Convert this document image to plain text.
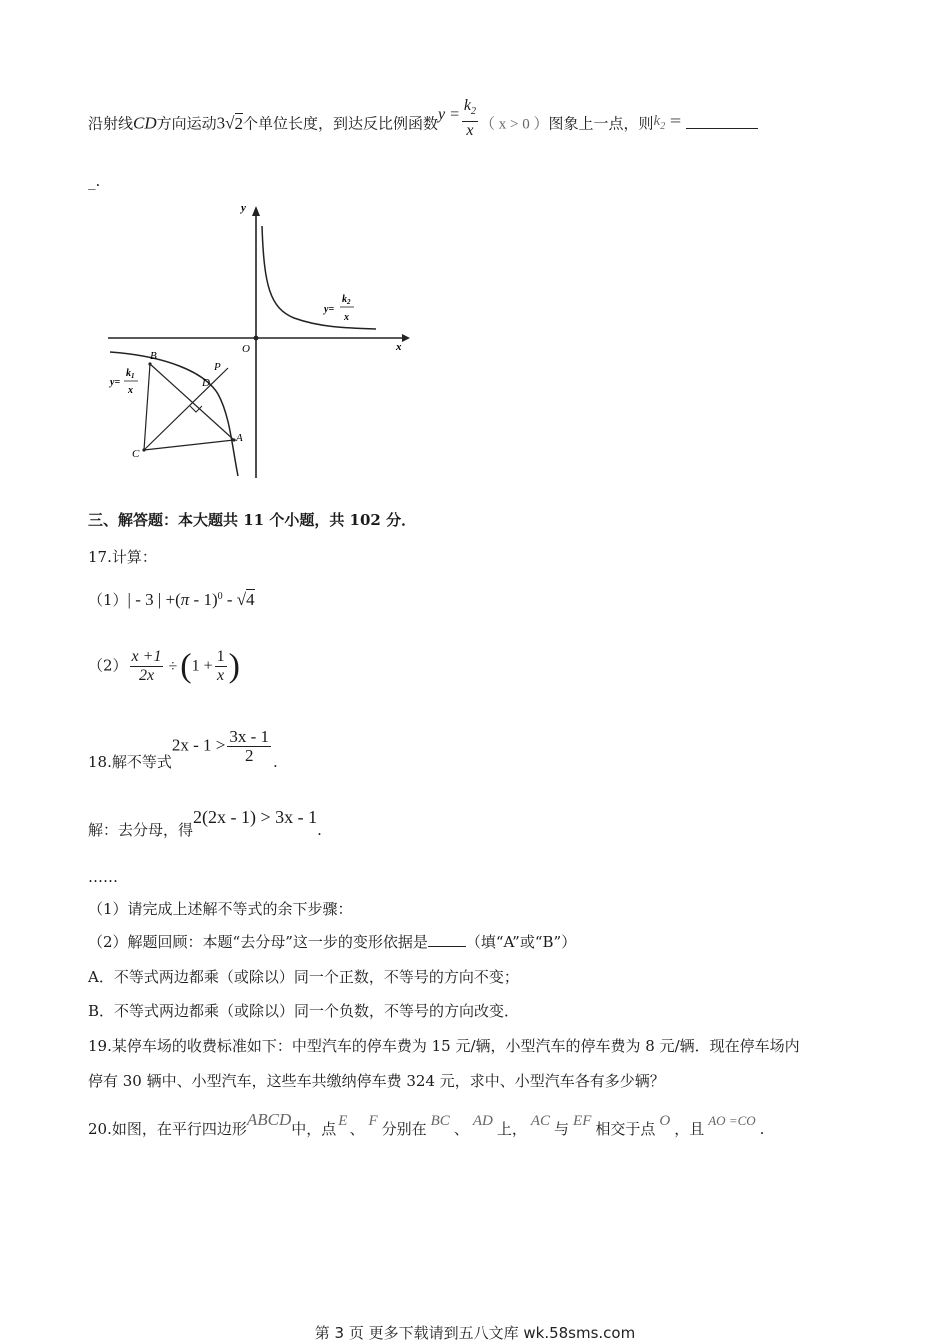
沿射线CD方向运动3√2个单位长度，到达反比例函数$y = \frac{k_2}{x}$ （ x > 0 ）图象上一点，则$k_2$ =
_.
y
x
O
$k_2$
y=
x
$k_1$
y=
x
B
P
D
A
C
三、解答题：本大题共 11 个小题，共 102 分．
17.计算：
（1）| - 3 | +(π - 1)$^0$ - √4
$(2) \frac{x +1}{2x} \div(1 + \frac{1}{x}$ )
18.解不等式$2x - 1 > \frac{3x - 1}{2}$ .
解：去分母，得2(2x - 1) > 3x - 1.
……
（1）请完成上述解不等式的余下步骤：
（2）解题回顾：本题“去分母”这一步的变形依据是	（填“A”或“B”）
A．不等式两边都乘（或除以）同一个正数，不等号的方向不变；
B．不等式两边都乘（或除以）同一个负数，不等号的方向改变．
19.某停车场的收费标准如下：中型汽车的停车费为 15 元/辆，小型汽车的停车费为 8 元/辆．现在停车场内
停有 30 辆中、小型汽车，这些车共缴纳停车费 324 元，求中、小型汽车各有多少辆？
20.如图，在平行四边形ABCD中，点 E 、 F 分别在 BC 、 AD 上， AC 与 EF 相交于点 O ，且 AO =CO .
第 3 页 更多下载请到五八文库 wk.58sms.com
